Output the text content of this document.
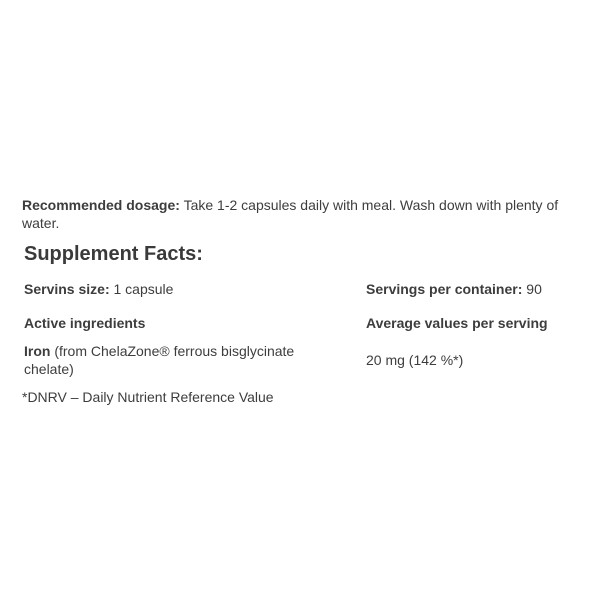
Recommended dosage: Take 1-2 capsules daily with meal. Wash down with plenty of water.

Supplement Facts:
Servins size: 1 capsule	Servings per container: 90
Active ingredients	Average values per serving
Iron (from ChelaZone® ferrous bisglycinate chelate)
20 mg (142 %*)
*DNRV – Daily Nutrient Reference Value
